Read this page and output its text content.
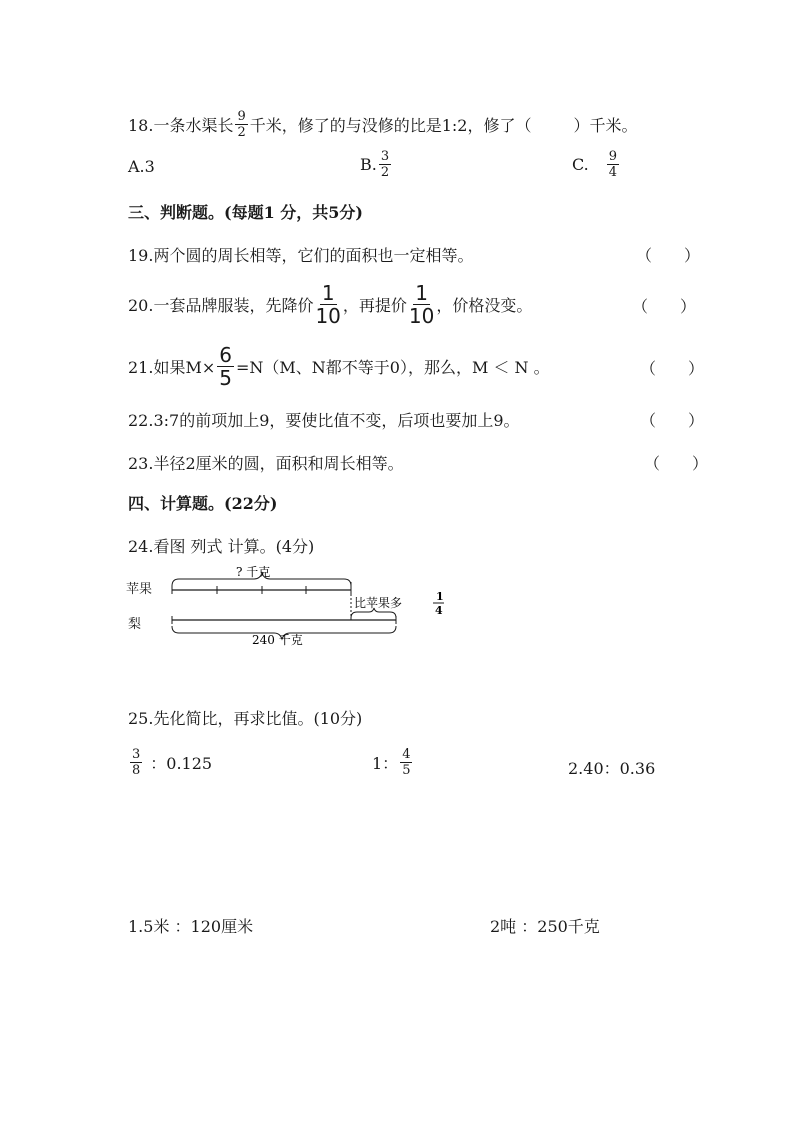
18.一条水渠长 $\frac{9}{2}$ 千米，修了的与没修的比是1:2，修了（	）千米。
A.3	B. $\frac{3}{2}$	C. $\frac{9}{4}$
三、判断题。(每题1 分，共5分)
19.两个圆的周长相等，它们的面积也一定相等。	（　　）
20.一套品牌服装，先降价 $\frac{1}{10}$ ，再提价 $\frac{1}{10}$ ，价格没变。	（　　）
21.如果$M\times \frac{6}{5} =N(M$、N都不等于0），那么，M ＜ N 。	（　　）
22.3:7的前项加上9，要使比值不变，后项也要加上9。	（　　）
23.半径2厘米的圆，面积和周长相等。	（　　）
四、计算题。(22分)
24.看图 列式 计算。(4分)
苹果
梨
? 千克
比苹果多	1
4
240 千克
25.先化简比，再求比值。(10分)
$\frac{3}{8}$ ：0.125	1： $\frac{4}{5}$	2.40：0.36
1.5米 ：120厘米	2吨 ：250千克
